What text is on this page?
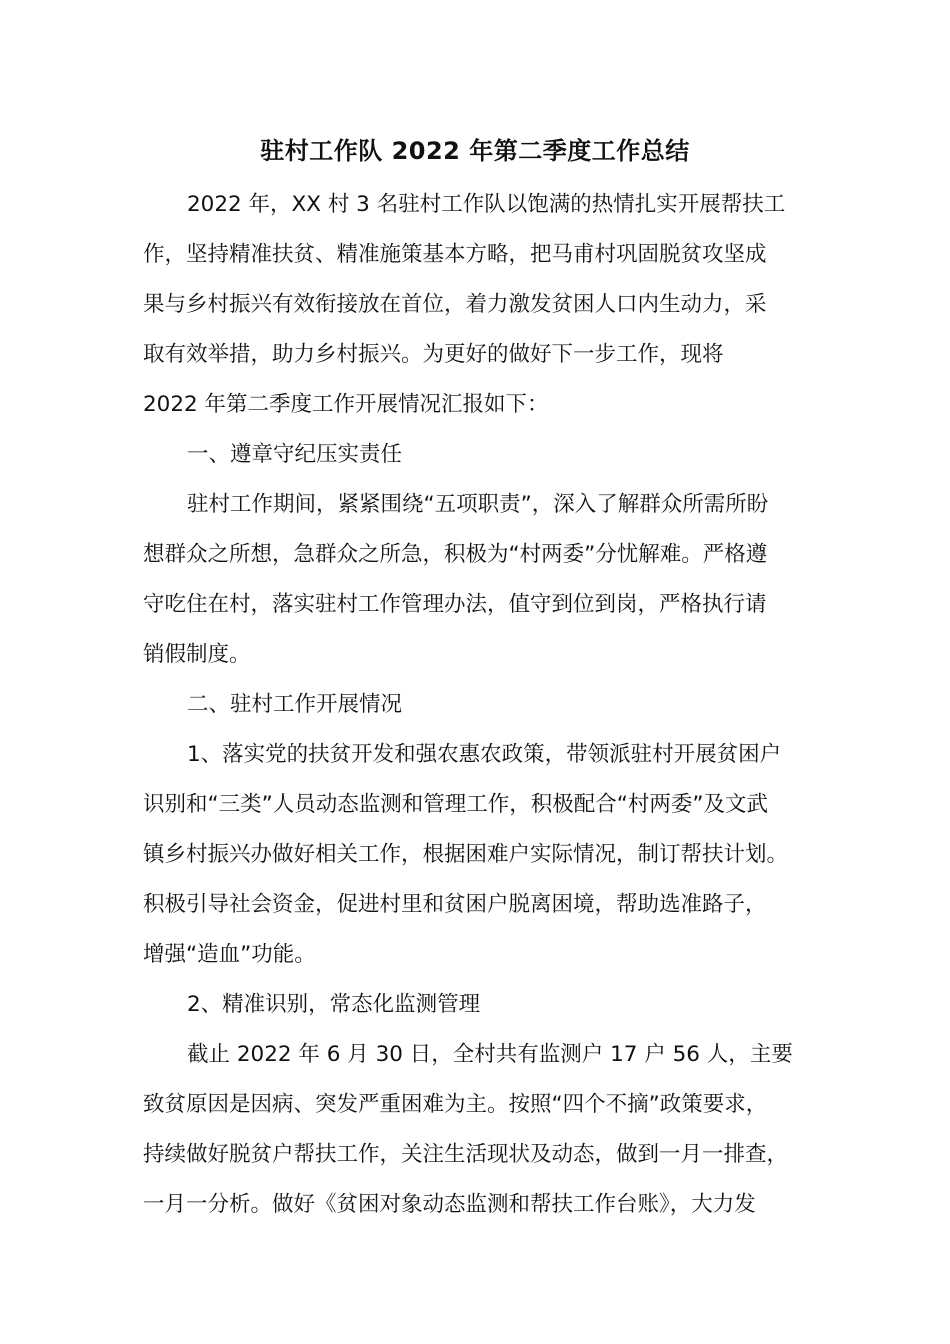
驻村工作队 2022 年第二季度工作总结
2022 年，XX 村 3 名驻村工作队以饱满的热情扎实开展帮扶工
作，坚持精准扶贫、精准施策基本方略，把马甫村巩固脱贫攻坚成
果与乡村振兴有效衔接放在首位，着力激发贫困人口内生动力，采
取有效举措，助力乡村振兴。为更好的做好下一步工作，现将
2022 年第二季度工作开展情况汇报如下：
一、遵章守纪压实责任
驻村工作期间，紧紧围绕“五项职责”，深入了解群众所需所盼
想群众之所想，急群众之所急，积极为“村两委”分忧解难。严格遵
守吃住在村，落实驻村工作管理办法，值守到位到岗，严格执行请
销假制度。
二、驻村工作开展情况
1、落实党的扶贫开发和强农惠农政策，带领派驻村开展贫困户
识别和“三类”人员动态监测和管理工作，积极配合“村两委”及文武
镇乡村振兴办做好相关工作，根据困难户实际情况，制订帮扶计划。
积极引导社会资金，促进村里和贫困户脱离困境，帮助选准路子，
增强“造血”功能。
2、精准识别，常态化监测管理
截止 2022 年 6 月 30 日，全村共有监测户 17 户 56 人，主要
致贫原因是因病、突发严重困难为主。按照“四个不摘”政策要求，
持续做好脱贫户帮扶工作，关注生活现状及动态，做到一月一排查，
一月一分析。做好《贫困对象动态监测和帮扶工作台账》，大力发
